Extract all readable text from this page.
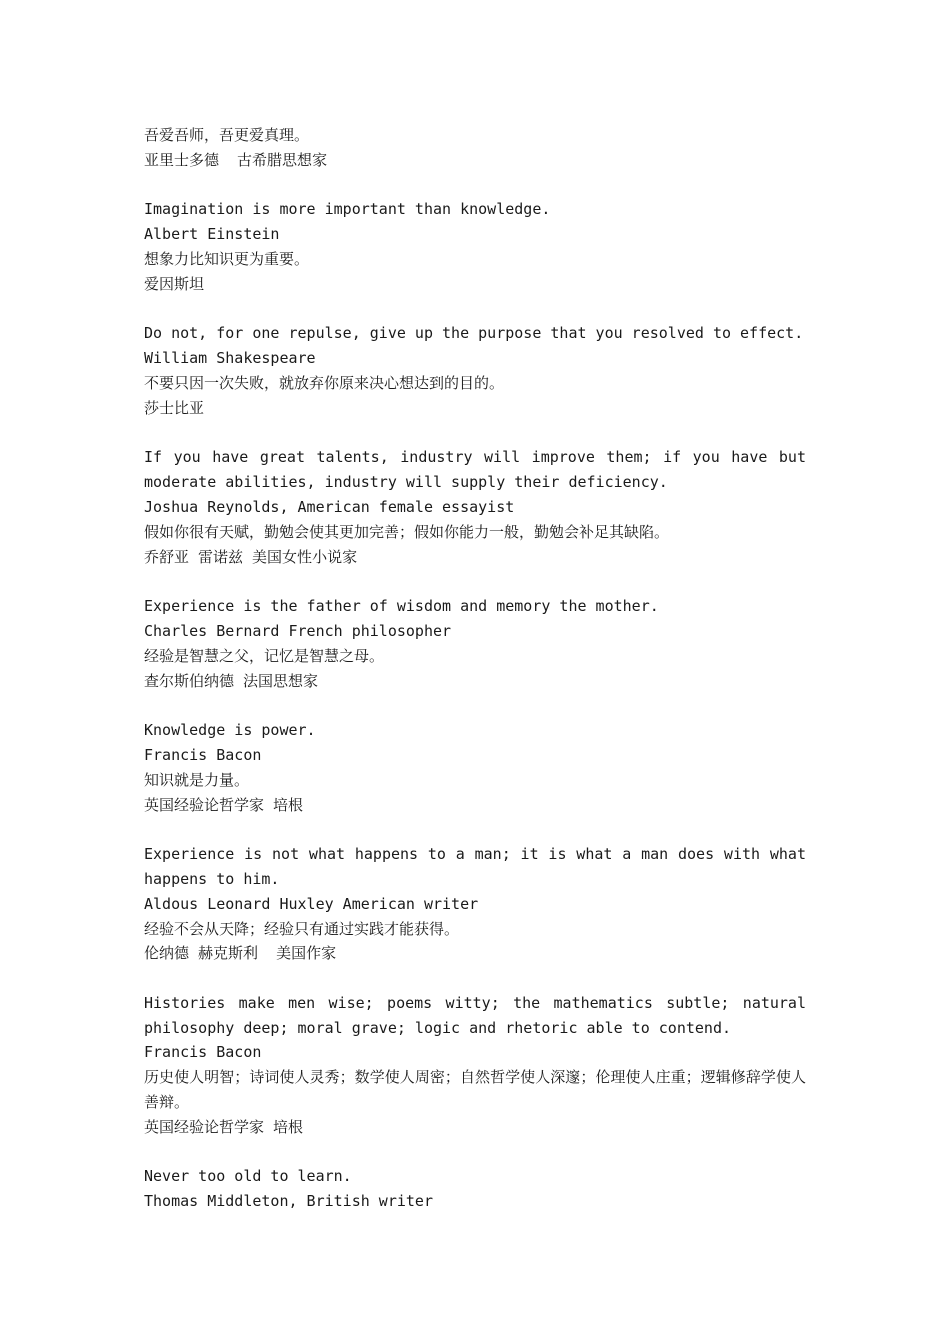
吾爱吾师，吾更爱真理。
亚里士多德  古希腊思想家
Imagination is more important than knowledge.
Albert Einstein
想象力比知识更为重要。
爱因斯坦
Do not, for one repulse, give up the purpose that you resolved to effect.
William Shakespeare
不要只因一次失败，就放弃你原来决心想达到的目的。
莎士比亚
If you have great talents, industry will improve them; if you have but moderate abilities, industry will supply their deficiency.
Joshua Reynolds, American female essayist
假如你很有天赋，勤勉会使其更加完善；假如你能力一般，勤勉会补足其缺陷。
乔舒亚 雷诺兹 美国女性小说家
Experience is the father of wisdom and memory the mother.
Charles Bernard French philosopher
经验是智慧之父，记忆是智慧之母。
查尔斯伯纳德 法国思想家
Knowledge is power.
Francis Bacon
知识就是力量。
英国经验论哲学家 培根
Experience is not what happens to a man; it is what a man does with what happens to him.
Aldous Leonard Huxley American writer
经验不会从天降；经验只有通过实践才能获得。
伦纳德 赫克斯利  美国作家
Histories make men wise; poems witty; the mathematics subtle; natural philosophy deep; moral grave; logic and rhetoric able to contend.
Francis Bacon
历史使人明智；诗词使人灵秀；数学使人周密；自然哲学使人深邃；伦理使人庄重；逻辑修辞学使人善辩。
英国经验论哲学家 培根
Never too old to learn.
Thomas Middleton, British writer
